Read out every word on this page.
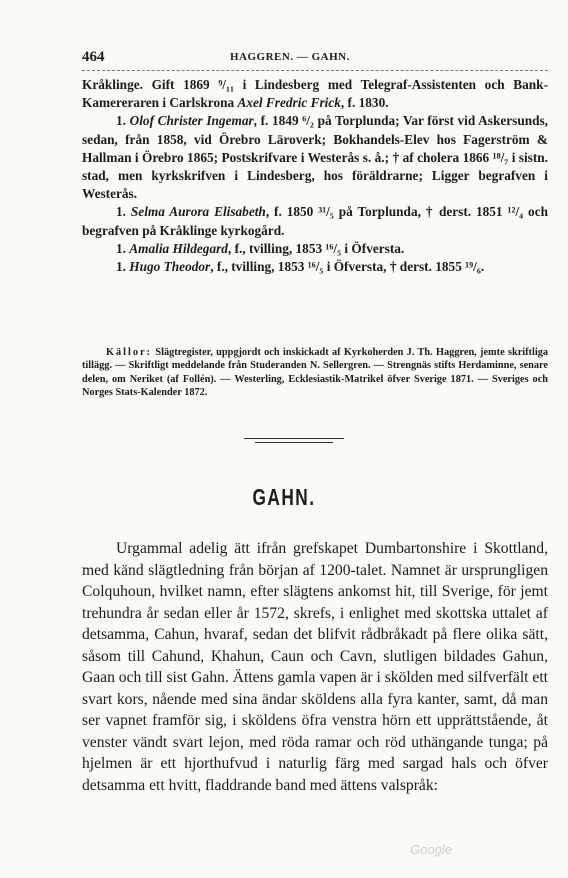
464	HAGGREN. — GAHN.

Kråklinge. Gift 1869 ⁹/₁₁ i Lindesberg med Telegraf-Assistenten och Bank-Kamereraren i Carlskrona Axel Fredric Frick, f. 1830.

1. Olof Christer Ingemar, f. 1849 ⁶/₂ på Torplunda; Var först vid Askersunds, sedan, från 1858, vid Örebro Läroverk; Bokhandels-Elev hos Fagerström & Hallman i Örebro 1865; Postskrifvare i Westerås s. å.; † af cholera 1866 ¹⁸/₇ i sistn. stad, men kyrkskrifven i Lindesberg, hos föräldrarne; Ligger begrafven i Westerås.

1. Selma Aurora Elisabeth, f. 1850 ³¹/₅ på Torplunda, † derst. 1851 ¹²/₄ och begrafven på Kråklinge kyrkogård.

1. Amalia Hildegard, f., tvilling, 1853 ¹⁶/₅ i Öfversta.

1. Hugo Theodor, f., tvilling, 1853 ¹⁶/₅ i Öfversta, † derst. 1855 ¹⁹/₆.

Källor: Slägtregister, uppgjordt och inskickadt af Kyrkoherden J. Th. Haggren, jemte skriftliga tillägg. — Skriftligt meddelande från Studeranden N. Sellergren. — Strengnäs stifts Herdaminne, senare delen, om Neriket (af Follén). — Westerling, Ecklesiastik-Matrikel öfver Sverige 1871. — Sveriges och Norges Stats-Kalender 1872.

GAHN.

Urgammal adelig ätt ifrån grefskapet Dumbartonshire i Skottland, med känd slägtledning från början af 1200-talet. Namnet är ursprungligen Colquhoun, hvilket namn, efter slägtens ankomst hit, till Sverige, för jemt trehundra år sedan eller år 1572, skrefs, i enlighet med skottska uttalet af detsamma, Cahun, hvaraf, sedan det blifvit rådbråkadt på flere olika sätt, såsom till Cahund, Khahun, Caun och Cavn, slutligen bildades Gahun, Gaan och till sist Gahn. Ättens gamla vapen är i skölden med silfverfält ett svart kors, nående med sina ändar sköldens alla fyra kanter, samt, då man ser vapnet framför sig, i sköldens öfra venstra hörn ett upprättstående, åt venster vändt svart lejon, med röda ramar och röd uthängande tunga; på hjelmen är ett hjorthufvud i naturlig färg med sargad hals och öfver detsamma ett hvitt, fladdrande band med ättens valspråk:

Google
